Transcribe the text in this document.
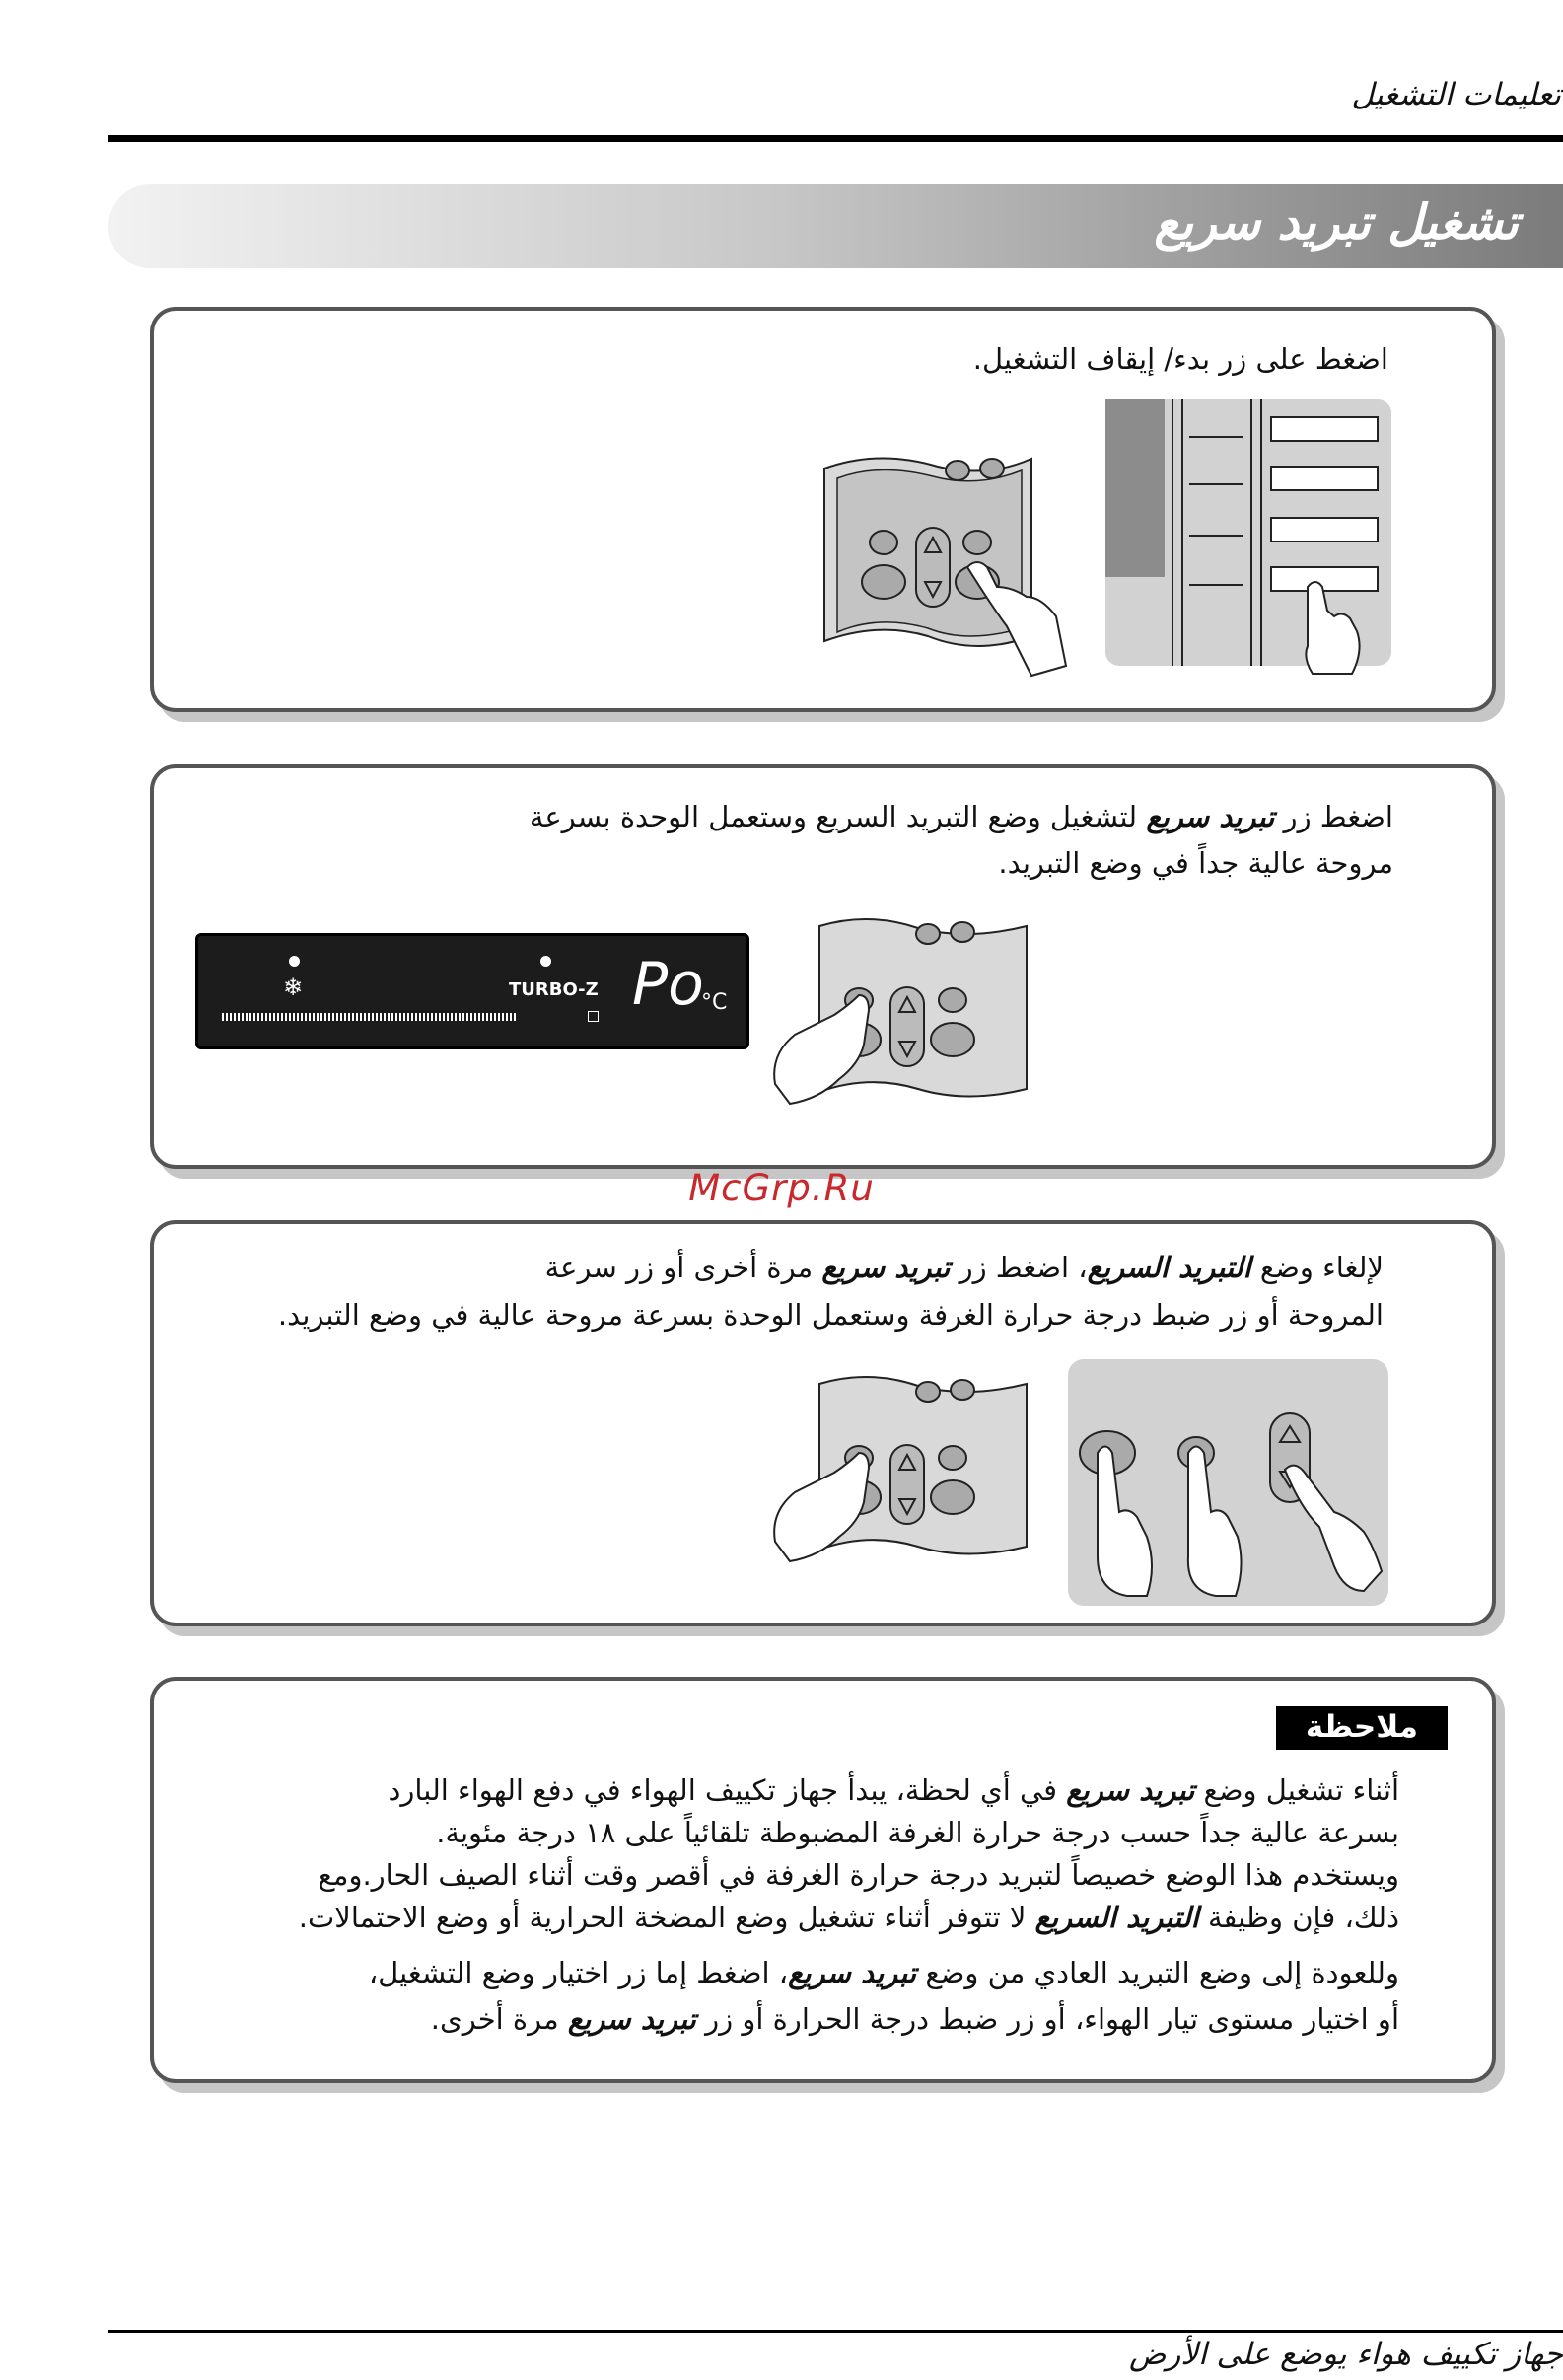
تعليمات التشغيل
تشغيل تبريد سريع
اضغط على زر بدء/ إيقاف التشغيل.
اضغط زر تبريد سريع لتشغيل وضع التبريد السريع وستعمل الوحدة بسرعة
مروحة عالية جداً في وضع التبريد.
❄	TURBO-Z Po
°C
McGrp.Ru
لإلغاء وضع التبريد السريع، اضغط زر تبريد سريع مرة أخرى أو زر سرعة
المروحة أو زر ضبط درجة حرارة الغرفة وستعمل الوحدة بسرعة مروحة عالية في وضع التبريد.
ملاحظة
أثناء تشغيل وضع تبريد سريع في أي لحظة، يبدأ جهاز تكييف الهواء في دفع الهواء البارد
بسرعة عالية جداً حسب درجة حرارة الغرفة المضبوطة تلقائياً على ١٨ درجة مئوية.
ويستخدم هذا الوضع خصيصاً لتبريد درجة حرارة الغرفة في أقصر وقت أثناء الصيف الحار.ومع
ذلك، فإن وظيفة التبريد السريع لا تتوفر أثناء تشغيل وضع المضخة الحرارية أو وضع الاحتمالات.
وللعودة إلى وضع التبريد العادي من وضع تبريد سريع، اضغط إما زر اختيار وضع التشغيل،
أو اختيار مستوى تيار الهواء، أو زر ضبط درجة الحرارة أو زر تبريد سريع مرة أخرى.
جهاز تكييف هواء يوضع على الأرض
